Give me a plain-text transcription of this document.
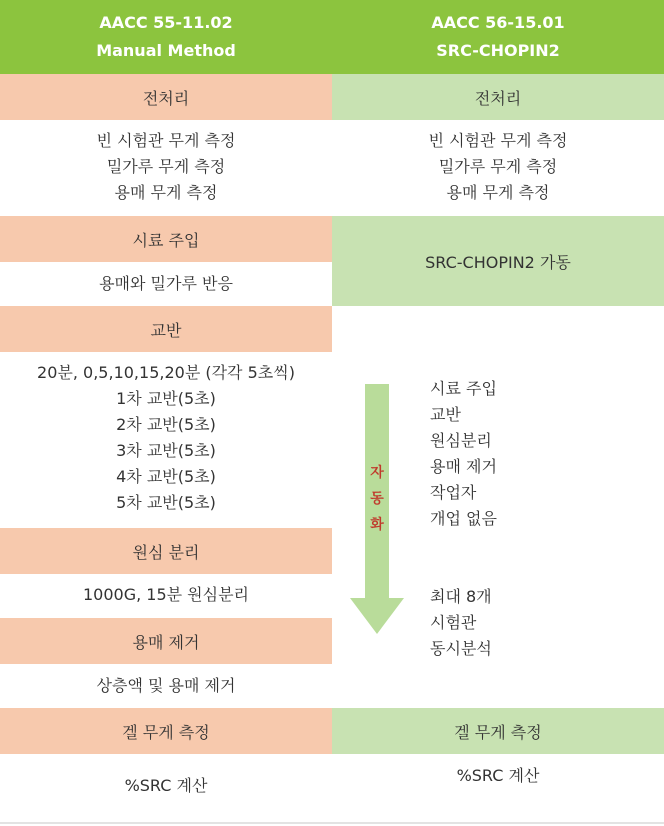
AACC 55-11.02
Manual Method
AACC 56-15.01
SRC-CHOPIN2
전처리	전처리
빈 시험관 무게 측정
밀가루 무게 측정
용매 무게 측정
빈 시험관 무게 측정
밀가루 무게 측정
용매 무게 측정
시료 주입
SRC-CHOPIN2 가동
용매와 밀가루 반응
교반
20분, 0,5,10,15,20분 (각각 5초씩)
1차 교반(5초)
2차 교반(5초)
3차 교반(5초)
4차 교반(5초)
5차 교반(5초)
원심 분리
1000G, 15분 원심분리
용매 제거
상층액 및 용매 제거
자
동
화
시료 주입
교반
원심분리
용매 제거
작업자
개업 없음
최대 8개
시험관
동시분석
겔 무게 측정	겔 무게 측정
%SRC 계산
%SRC 계산
